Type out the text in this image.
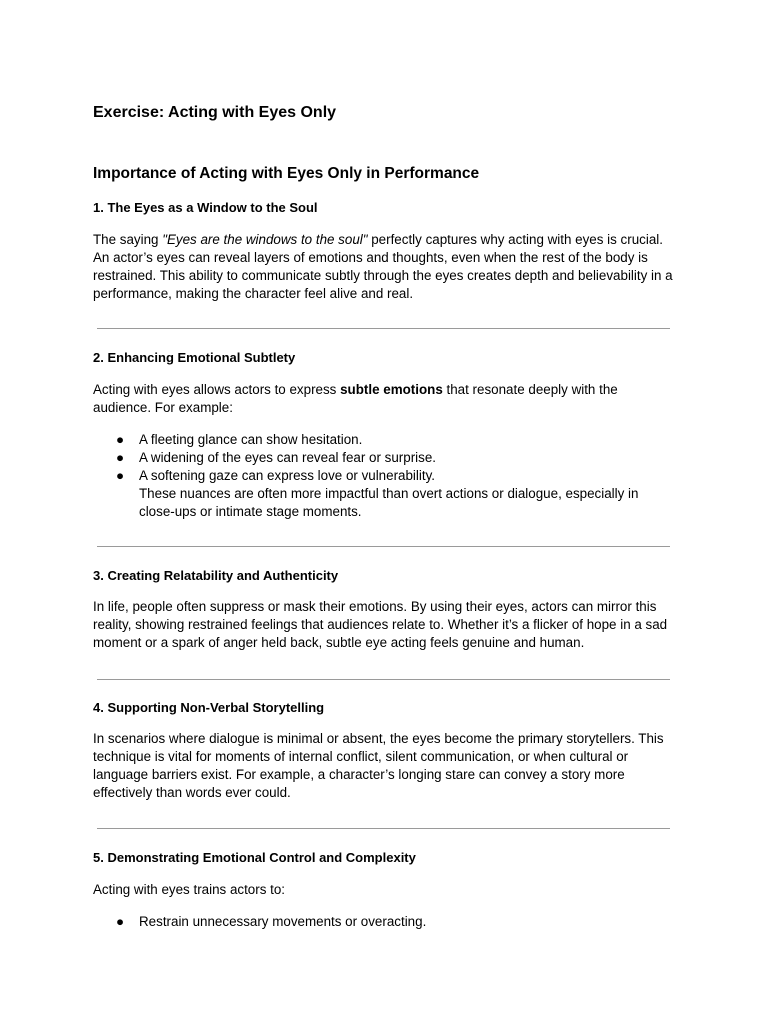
Exercise: Acting with Eyes Only
Importance of Acting with Eyes Only in Performance
1. The Eyes as a Window to the Soul

The saying "Eyes are the windows to the soul" perfectly captures why acting with eyes is crucial. An actor’s eyes can reveal layers of emotions and thoughts, even when the rest of the body is restrained. This ability to communicate subtly through the eyes creates depth and believability in a performance, making the character feel alive and real.

2. Enhancing Emotional Subtlety

Acting with eyes allows actors to express subtle emotions that resonate deeply with the audience. For example:

● A fleeting glance can show hesitation.
● A widening of the eyes can reveal fear or surprise.
● A softening gaze can express love or vulnerability.
These nuances are often more impactful than overt actions or dialogue, especially in close-ups or intimate stage moments.
3. Creating Relatability and Authenticity

In life, people often suppress or mask their emotions. By using their eyes, actors can mirror this reality, showing restrained feelings that audiences relate to. Whether it’s a flicker of hope in a sad moment or a spark of anger held back, subtle eye acting feels genuine and human.

4. Supporting Non-Verbal Storytelling

In scenarios where dialogue is minimal or absent, the eyes become the primary storytellers. This technique is vital for moments of internal conflict, silent communication, or when cultural or language barriers exist. For example, a character’s longing stare can convey a story more effectively than words ever could.

5. Demonstrating Emotional Control and Complexity

Acting with eyes trains actors to:

● Restrain unnecessary movements or overacting.
